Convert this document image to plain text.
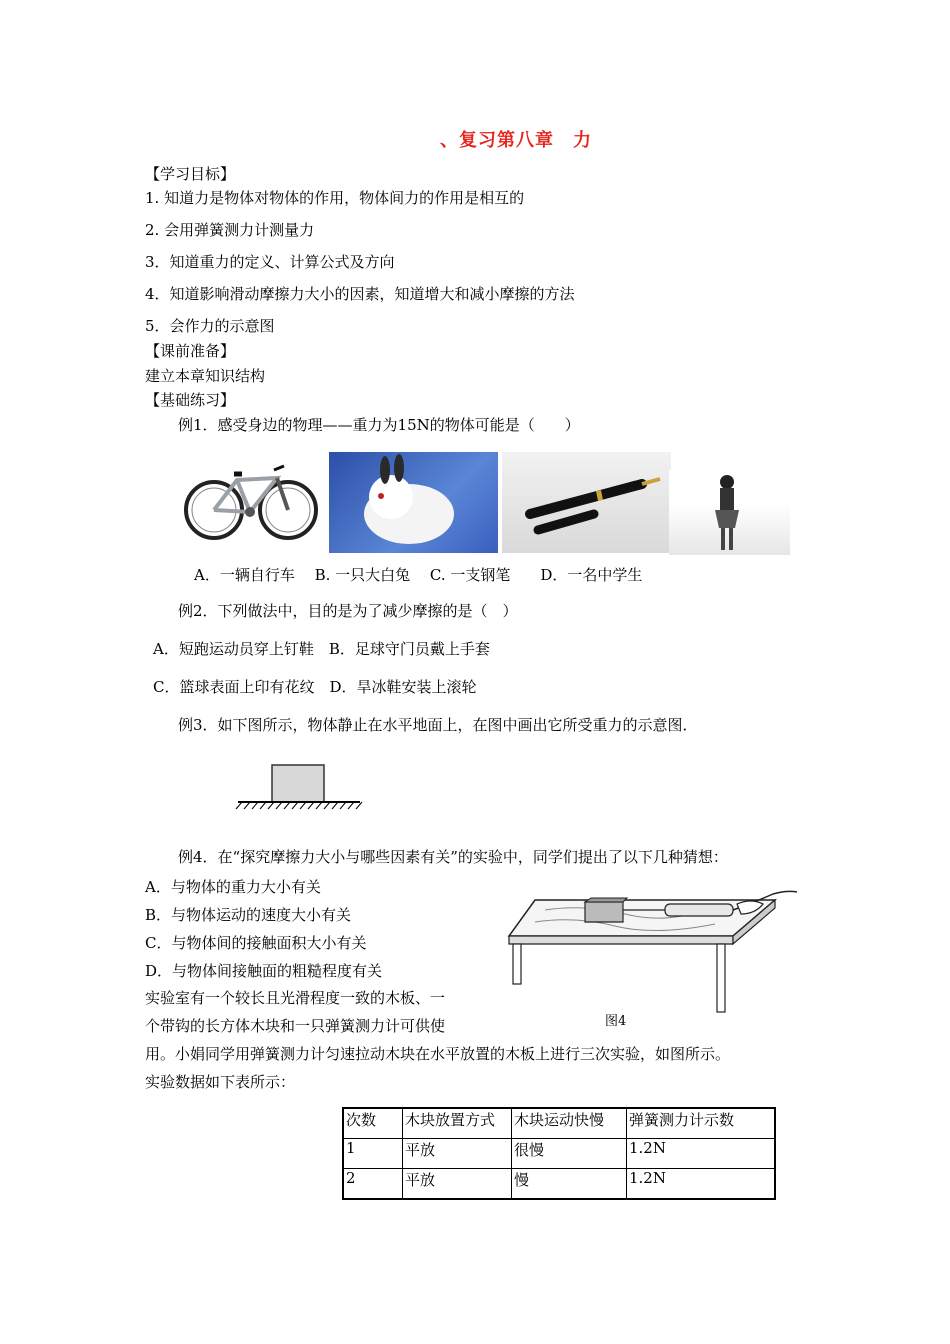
、复习第八章　力
【学习目标】
1. 知道力是物体对物体的作用，物体间力的作用是相互的
2. 会用弹簧测力计测量力
3．知道重力的定义、计算公式及方向
4．知道影响滑动摩擦力大小的因素，知道增大和减小摩擦的方法
5．会作力的示意图
【课前准备】
建立本章知识结构
【基础练习】
例1．感受身边的物理——重力为15N的物体可能是（　　）
A．一辆自行车　 B. 一只大白兔　 C. 一支钢笔　　D．一名中学生
例2．下列做法中，目的是为了减少摩擦的是（　）
A．短跑运动员穿上钉鞋　B．足球守门员戴上手套
C．篮球表面上印有花纹　D．旱冰鞋安装上滚轮
例3．如下图所示，物体静止在水平地面上，在图中画出它所受重力的示意图．
例4．在“探究摩擦力大小与哪些因素有关”的实验中，同学们提出了以下几种猜想：
A．与物体的重力大小有关
B．与物体运动的速度大小有关
C．与物体间的接触面积大小有关
D．与物体间接触面的粗糙程度有关
实验室有一个较长且光滑程度一致的木板、一
个带钩的长方体木块和一只弹簧测力计可供使
用。小娟同学用弹簧测力计匀速拉动木块在水平放置的木板上进行三次实验，如图所示。
实验数据如下表所示：
图4
次数	木块放置方式	木块运动快慢	弹簧测力计示数
1	平放	很慢	1.2N
2	平放	慢	1.2N
